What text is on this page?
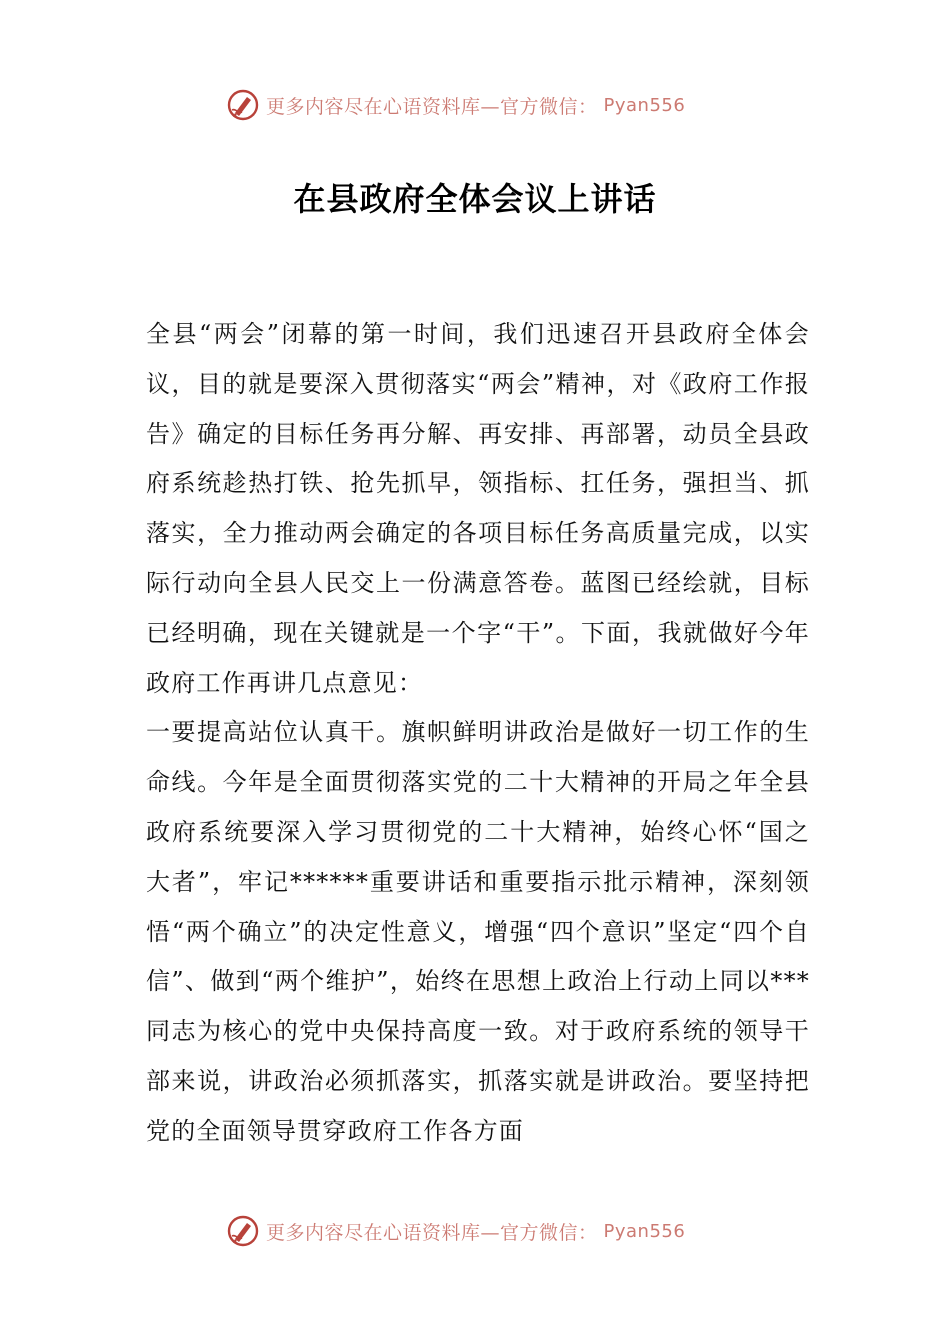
更多内容尽在心语资料库—官方微信： Pyan556
在县政府全体会议上讲话

全县“两会”闭幕的第一时间，我们迅速召开县政府全体会议，目的就是要深入贯彻落实“两会”精神，对《政府工作报告》确定的目标任务再分解、再安排、再部署，动员全县政府系统趁热打铁、抢先抓早，领指标、扛任务，强担当、抓落实，全力推动两会确定的各项目标任务高质量完成，以实际行动向全县人民交上一份满意答卷。蓝图已经绘就，目标已经明确，现在关键就是一个字“干”。下面，我就做好今年政府工作再讲几点意见：

一要提高站位认真干。旗帜鲜明讲政治是做好一切工作的生命线。今年是全面贯彻落实党的二十大精神的开局之年全县政府系统要深入学习贯彻党的二十大精神，始终心怀“国之大者”，牢记******重要讲话和重要指示批示精神，深刻领悟“两个确立”的决定性意义，增强“四个意识”坚定“四个自信”、做到“两个维护”，始终在思想上政治上行动上同以***同志为核心的党中央保持高度一致。对于政府系统的领导干部来说，讲政治必须抓落实，抓落实就是讲政治。要坚持把党的全面领导贯穿政府工作各方面

更多内容尽在心语资料库—官方微信： Pyan556
